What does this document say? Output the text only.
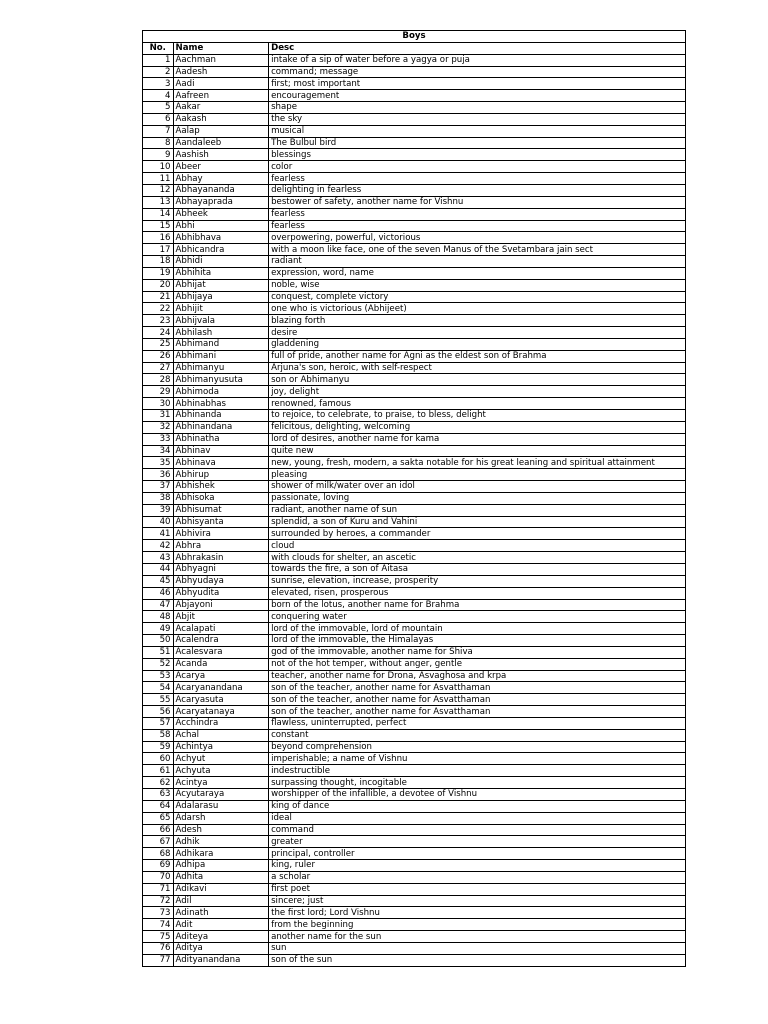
Boys		
No.	Name	Desc
1	Aachman	intake of a sip of water before a yagya or puja
2	Aadesh	command; message
3	Aadi	first; most important
4	Aafreen	encouragement
5	Aakar	shape
6	Aakash	the sky
7	Aalap	musical
8	Aandaleeb	The Bulbul bird
9	Aashish	blessings
10	Abeer	color
11	Abhay	fearless
12	Abhayananda	delighting in fearless
13	Abhayaprada	bestower of safety, another name for Vishnu
14	Abheek	fearless
15	Abhi	fearless
16	Abhibhava	overpowering, powerful, victorious
17	Abhicandra	with a moon like face, one of the seven Manus of the Svetambara jain sect
18	Abhidi	radiant
19	Abhihita	expression, word, name
20	Abhijat	noble, wise
21	Abhijaya	conquest, complete victory
22	Abhijit	one who is victorious (Abhijeet)
23	Abhijvala	blazing forth
24	Abhilash	desire
25	Abhimand	gladdening
26	Abhimani	full of pride, another name for Agni as the eldest son of Brahma
27	Abhimanyu	Arjuna's son, heroic, with self-respect
28	Abhimanyusuta	son or Abhimanyu
29	Abhimoda	joy, delight
30	Abhinabhas	renowned, famous
31	Abhinanda	to rejoice, to celebrate, to praise, to bless, delight
32	Abhinandana	felicitous, delighting, welcoming
33	Abhinatha	lord of desires, another name for kama
34	Abhinav	quite new
35	Abhinava	new, young, fresh, modern, a sakta notable for his great leaning and spiritual attainment
36	Abhirup	pleasing
37	Abhishek	shower of milk/water over an idol
38	Abhisoka	passionate, loving
39	Abhisumat	radiant, another name of sun
40	Abhisyanta	splendid, a son of Kuru and Vahini
41	Abhivira	surrounded by heroes, a commander
42	Abhra	cloud
43	Abhrakasin	with clouds for shelter, an ascetic
44	Abhyagni	towards the fire, a son of Aitasa
45	Abhyudaya	sunrise, elevation, increase, prosperity
46	Abhyudita	elevated, risen, prosperous
47	Abjayoni	born of the lotus, another name for Brahma
48	Abjit	conquering water
49	Acalapati	lord of the immovable, lord of mountain
50	Acalendra	lord of the immovable, the Himalayas
51	Acalesvara	god of the immovable, another name for Shiva
52	Acanda	not of the hot temper, without anger, gentle
53	Acarya	teacher, another name for Drona, Asvaghosa and krpa
54	Acaryanandana	son of the teacher, another name for Asvatthaman
55	Acaryasuta	son of the teacher, another name for Asvatthaman
56	Acaryatanaya	son of the teacher, another name for Asvatthaman
57	Acchindra	flawless, uninterrupted, perfect
58	Achal	constant
59	Achintya	beyond comprehension
60	Achyut	imperishable; a name of Vishnu
61	Achyuta	indestructible
62	Acintya	surpassing thought, incogitable
63	Acyutaraya	worshipper of the infallible, a devotee of Vishnu
64	Adalarasu	king of dance
65	Adarsh	ideal
66	Adesh	command
67	Adhik	greater
68	Adhikara	principal, controller
69	Adhipa	king, ruler
70	Adhita	a scholar
71	Adikavi	first poet
72	Adil	sincere; just
73	Adinath	the first lord; Lord Vishnu
74	Adit	from the beginning
75	Aditeya	another name for the sun
76	Aditya	sun
77	Adityanandana	son of the sun
